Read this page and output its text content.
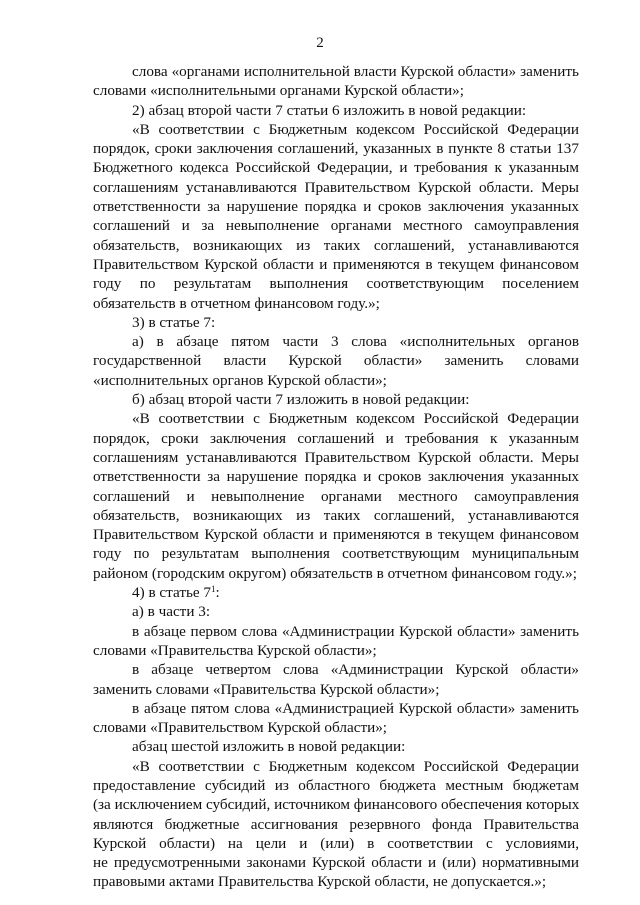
2
слова «органами исполнительной власти Курской области» заменить
словами «исполнительными органами Курской области»;
2) абзац второй части 7 статьи 6 изложить в новой редакции:
«В соответствии с Бюджетным кодексом Российской Федерации
порядок, сроки заключения соглашений, указанных в пункте 8 статьи 137
Бюджетного кодекса Российской Федерации, и требования к указанным
соглашениям устанавливаются Правительством Курской области. Меры
ответственности за нарушение порядка и сроков заключения указанных
соглашений и за невыполнение органами местного самоуправления
обязательств, возникающих из таких соглашений, устанавливаются
Правительством Курской области и применяются в текущем финансовом
году по результатам выполнения соответствующим поселением
обязательств в отчетном финансовом году.»;
3) в статье 7:
а) в абзаце пятом части 3 слова «исполнительных органов
государственной власти Курской области» заменить словами
«исполнительных органов Курской области»;
б) абзац второй части 7 изложить в новой редакции:
«В соответствии с Бюджетным кодексом Российской Федерации
порядок, сроки заключения соглашений и требования к указанным
соглашениям устанавливаются Правительством Курской области. Меры
ответственности за нарушение порядка и сроков заключения указанных
соглашений и невыполнение органами местного самоуправления
обязательств, возникающих из таких соглашений, устанавливаются
Правительством Курской области и применяются в текущем финансовом
году по результатам выполнения соответствующим муниципальным
районом (городским округом) обязательств в отчетном финансовом году.»;
4) в статье $7^1$:
а) в части 3:
в абзаце первом слова «Администрации Курской области» заменить
словами «Правительства Курской области»;
в абзаце четвертом слова «Администрации Курской области»
заменить словами «Правительства Курской области»;
в абзаце пятом слова «Администрацией Курской области» заменить
словами «Правительством Курской области»;
абзац шестой изложить в новой редакции:
«В соответствии с Бюджетным кодексом Российской Федерации
предоставление субсидий из областного бюджета местным бюджетам
(за исключением субсидий, источником финансового обеспечения которых
являются бюджетные ассигнования резервного фонда Правительства
Курской области) на цели и (или) в соответствии с условиями,
не предусмотренными законами Курской области и (или) нормативными
правовыми актами Правительства Курской области, не допускается.»;
